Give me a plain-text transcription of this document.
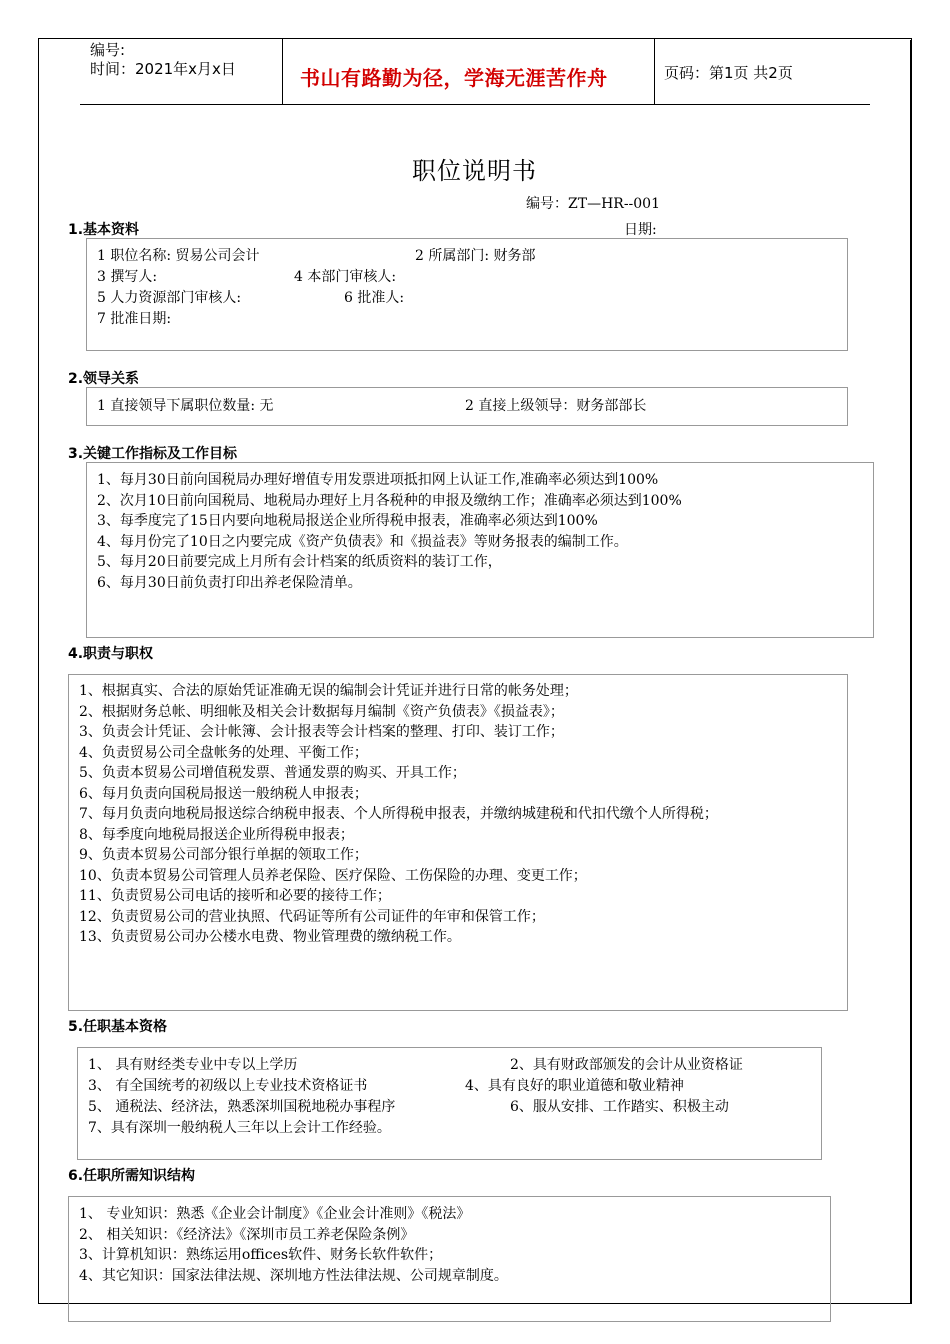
编号:
时间：2021年x月x日	书山有路勤为径，学海无涯苦作舟	页码：第1页 共2页
职位说明书
编号：ZT—HR--001
1.基本资料	日期:
1 职位名称: 贸易公司会计	2 所属部门: 财务部
3 撰写人:	4 本部门审核人:
5 人力资源部门审核人:	6 批准人:
7 批准日期:
2.领导关系
1 直接领导下属职位数量: 无	2 直接上级领导：财务部部长
3.关键工作指标及工作目标
1、每月30日前向国税局办理好增值专用发票进项抵扣网上认证工作,准确率必须达到100%
2、次月10日前向国税局、地税局办理好上月各税种的申报及缴纳工作；准确率必须达到100%
3、每季度完了15日内要向地税局报送企业所得税申报表，准确率必须达到100%
4、每月份完了10日之内要完成《资产负债表》和《损益表》等财务报表的编制工作。
5、每月20日前要完成上月所有会计档案的纸质资料的装订工作，
6、每月30日前负责打印出养老保险清单。
4.职责与职权
1、根据真实、合法的原始凭证准确无误的编制会计凭证并进行日常的帐务处理；
2、根据财务总帐、明细帐及相关会计数据每月编制《资产负债表》《损益表》；
3、负责会计凭证、会计帐簿、会计报表等会计档案的整理、打印、装订工作；
4、负责贸易公司全盘帐务的处理、平衡工作；
5、负责本贸易公司增值税发票、普通发票的购买、开具工作；
6、每月负责向国税局报送一般纳税人申报表；
7、每月负责向地税局报送综合纳税申报表、个人所得税申报表，并缴纳城建税和代扣代缴个人所得税；
8、每季度向地税局报送企业所得税申报表；
9、负责本贸易公司部分银行单据的领取工作；
10、负责本贸易公司管理人员养老保险、医疗保险、工伤保险的办理、变更工作；
11、负责贸易公司电话的接听和必要的接待工作；
12、负责贸易公司的营业执照、代码证等所有公司证件的年审和保管工作；
13、负责贸易公司办公楼水电费、物业管理费的缴纳税工作。
5.任职基本资格
1、 具有财经类专业中专以上学历	2、具有财政部颁发的会计从业资格证
3、 有全国统考的初级以上专业技术资格证书	4、具有良好的职业道德和敬业精神
5、 通税法、经济法，熟悉深圳国税地税办事程序	6、服从安排、工作踏实、积极主动
7、具有深圳一般纳税人三年以上会计工作经验。
6.任职所需知识结构
1、 专业知识：熟悉《企业会计制度》《企业会计准则》《税法》
2、 相关知识：《经济法》《深圳市员工养老保险条例》
3、计算机知识：熟练运用offices软件、财务长软件软件；
4、其它知识：国家法律法规、深圳地方性法律法规、公司规章制度。
